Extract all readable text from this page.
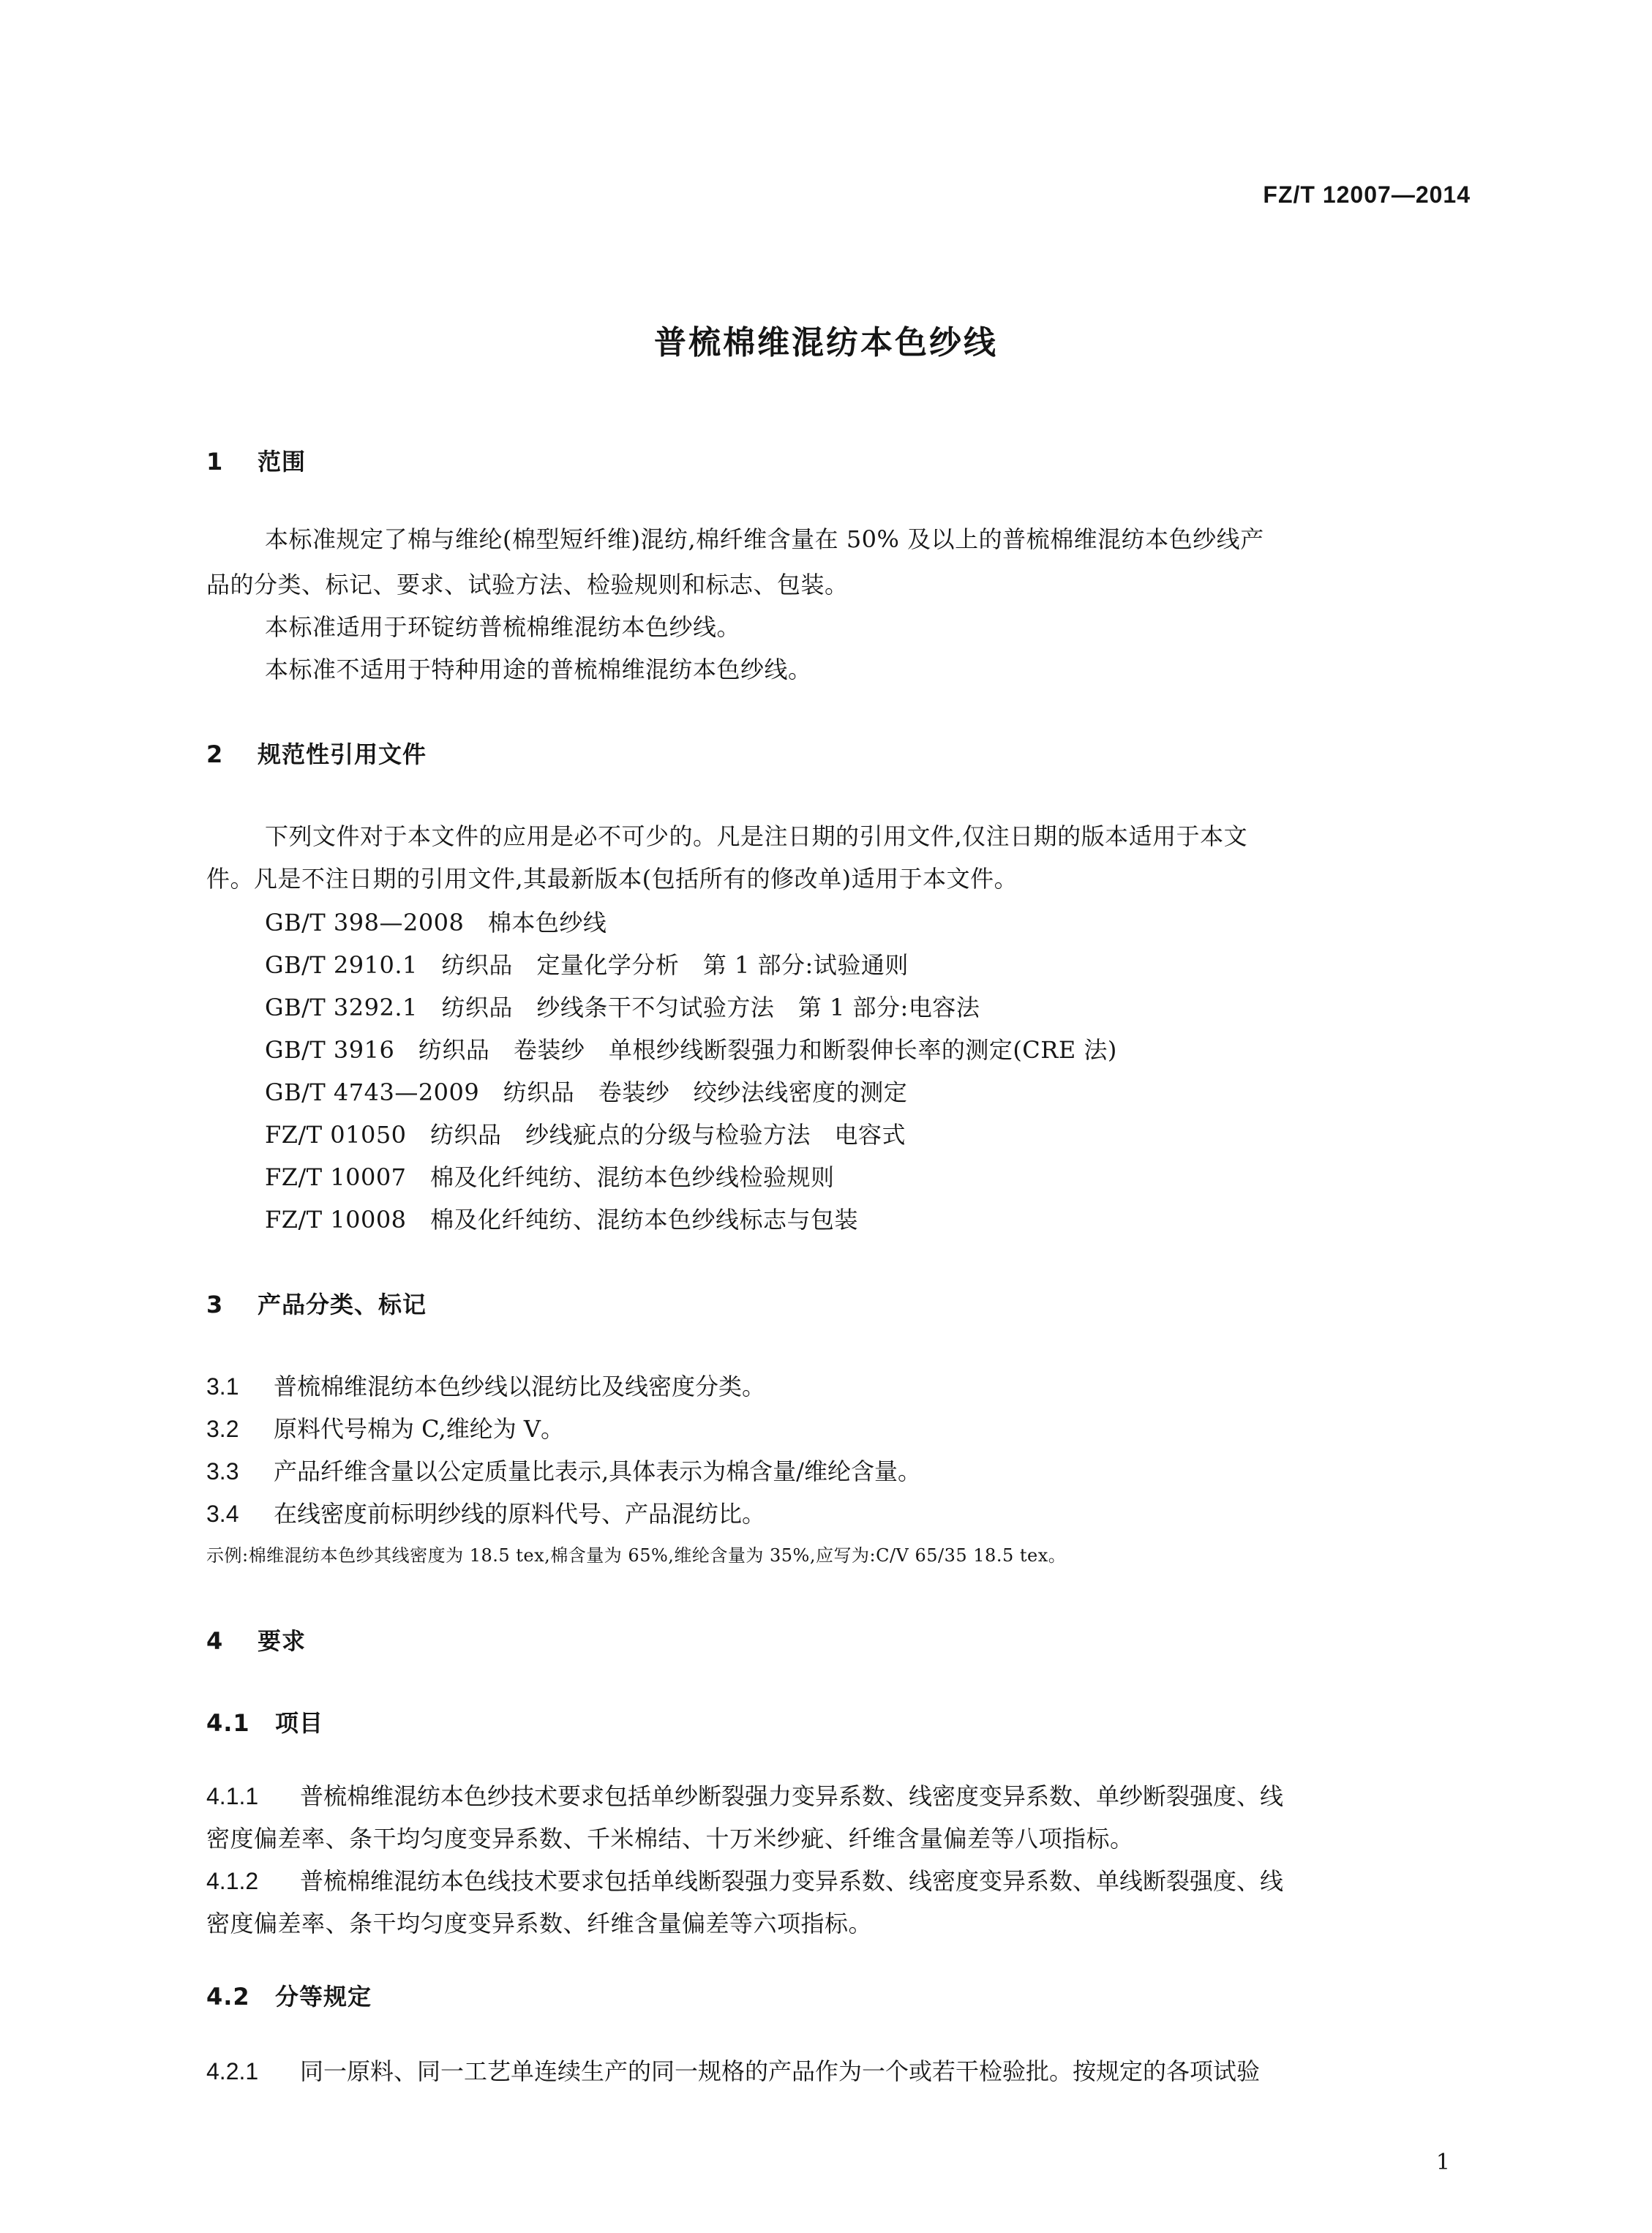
FZ/T 12007—2014
普梳棉维混纺本色纱线
1 范围
本标准规定了棉与维纶(棉型短纤维)混纺,棉纤维含量在 50% 及以上的普梳棉维混纺本色纱线产
品的分类、标记、要求、试验方法、检验规则和标志、包装。
本标准适用于环锭纺普梳棉维混纺本色纱线。
本标准不适用于特种用途的普梳棉维混纺本色纱线。
2 规范性引用文件
下列文件对于本文件的应用是必不可少的。凡是注日期的引用文件,仅注日期的版本适用于本文
件。凡是不注日期的引用文件,其最新版本(包括所有的修改单)适用于本文件。
GB/T 398—2008　棉本色纱线
GB/T 2910.1　纺织品　定量化学分析　第 1 部分:试验通则
GB/T 3292.1　纺织品　纱线条干不匀试验方法　第 1 部分:电容法
GB/T 3916　纺织品　卷装纱　单根纱线断裂强力和断裂伸长率的测定(CRE 法)
GB/T 4743—2009　纺织品　卷装纱　绞纱法线密度的测定
FZ/T 01050　纺织品　纱线疵点的分级与检验方法　电容式
FZ/T 10007　棉及化纤纯纺、混纺本色纱线检验规则
FZ/T 10008　棉及化纤纯纺、混纺本色纱线标志与包装
3 产品分类、标记
3.1 普梳棉维混纺本色纱线以混纺比及线密度分类。
3.2 原料代号棉为 C,维纶为 V。
3.3 产品纤维含量以公定质量比表示,具体表示为棉含量/维纶含量。
3.4 在线密度前标明纱线的原料代号、产品混纺比。
示例:棉维混纺本色纱其线密度为 18.5 tex,棉含量为 65%,维纶含量为 35%,应写为:C/V 65/35 18.5 tex。
4 要求
4.1 项目
4.1.1 普梳棉维混纺本色纱技术要求包括单纱断裂强力变异系数、线密度变异系数、单纱断裂强度、线
密度偏差率、条干均匀度变异系数、千米棉结、十万米纱疵、纤维含量偏差等八项指标。
4.1.2 普梳棉维混纺本色线技术要求包括单线断裂强力变异系数、线密度变异系数、单线断裂强度、线
密度偏差率、条干均匀度变异系数、纤维含量偏差等六项指标。
4.2 分等规定
4.2.1 同一原料、同一工艺单连续生产的同一规格的产品作为一个或若干检验批。按规定的各项试验
1
